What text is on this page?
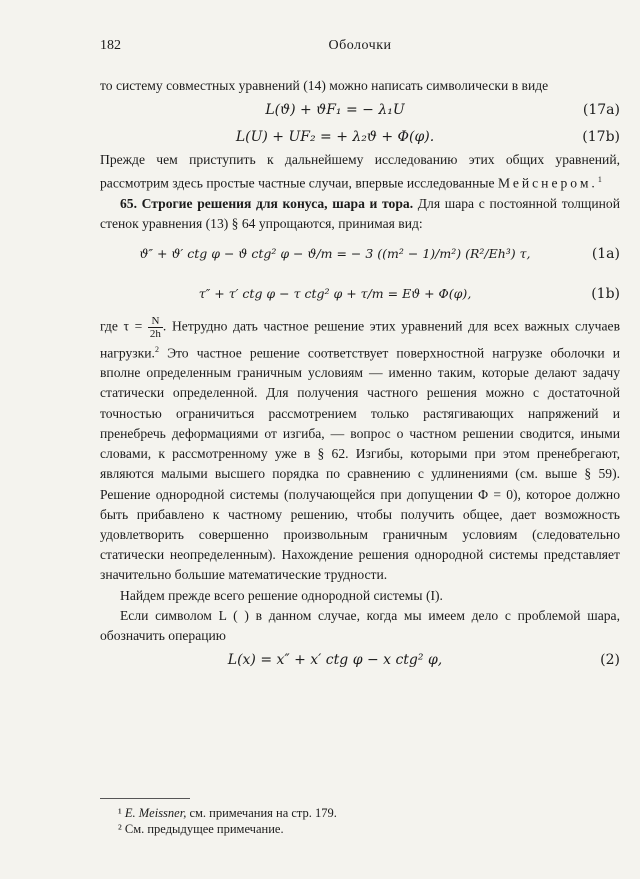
182	Оболочки

то систему совместных уравнений (14) можно написать символически в виде

L(ϑ) + ϑF₁ = − λ₁U	(17a)
L(U) + UF₂ = + λ₂ϑ + Φ(φ).	(17b)

Прежде чем приступить к дальнейшему исследованию этих общих уравнений, рассмотрим здесь простые частные случаи, впервые исследованные Мейснером.$^1$

65. Строгие решения для конуса, шара и тора. Для шара с постоянной толщиной стенок уравнения (13) § 64 упрощаются, принимая вид:

ϑ″ + ϑ′ ctg φ − ϑ ctg² φ − ϑ/m = − 3 ((m² − 1)/m²) (R²/Eh³) τ,	(1a)
τ″ + τ′ ctg φ − τ ctg² φ + τ/m = Eϑ + Φ(φ),	(1b)

где $\tau = \frac{N}{2h}$ . Нетрудно дать частное решение этих уравнений для всех важных случаев нагрузки.$^2$ Это частное решение соответствует поверхностной нагрузке оболочки и вполне определенным граничным условиям — именно таким, которые делают задачу статически определенной. Для получения частного решения можно с достаточной точностью ограничиться рассмотрением только растягивающих напряжений и пренебречь деформациями от изгиба, — вопрос о частном решении сводится, иными словами, к рассмотренному уже в § 62. Изгибы, которыми при этом пренебрегают, являются малыми высшего порядка по сравнению с удлинениями (см. выше § 59). Решение однородной системы (получающейся при допущении Φ = 0), которое должно быть прибавлено к частному решению, чтобы получить общее, дает возможность удовлетворить совершенно произвольным граничным условиям (следовательно статически неопределенным). Нахождение решения однородной системы представляет значительно большие математические трудности.

Найдем прежде всего решение однородной системы (I).

Если символом L ( ) в данном случае, когда мы имеем дело с проблемой шара, обозначить операцию

L(x) = x″ + x′ ctg φ − x ctg² φ,	(2)

¹ E. Meissner, см. примечания на стр. 179.

² См. предыдущее примечание.
